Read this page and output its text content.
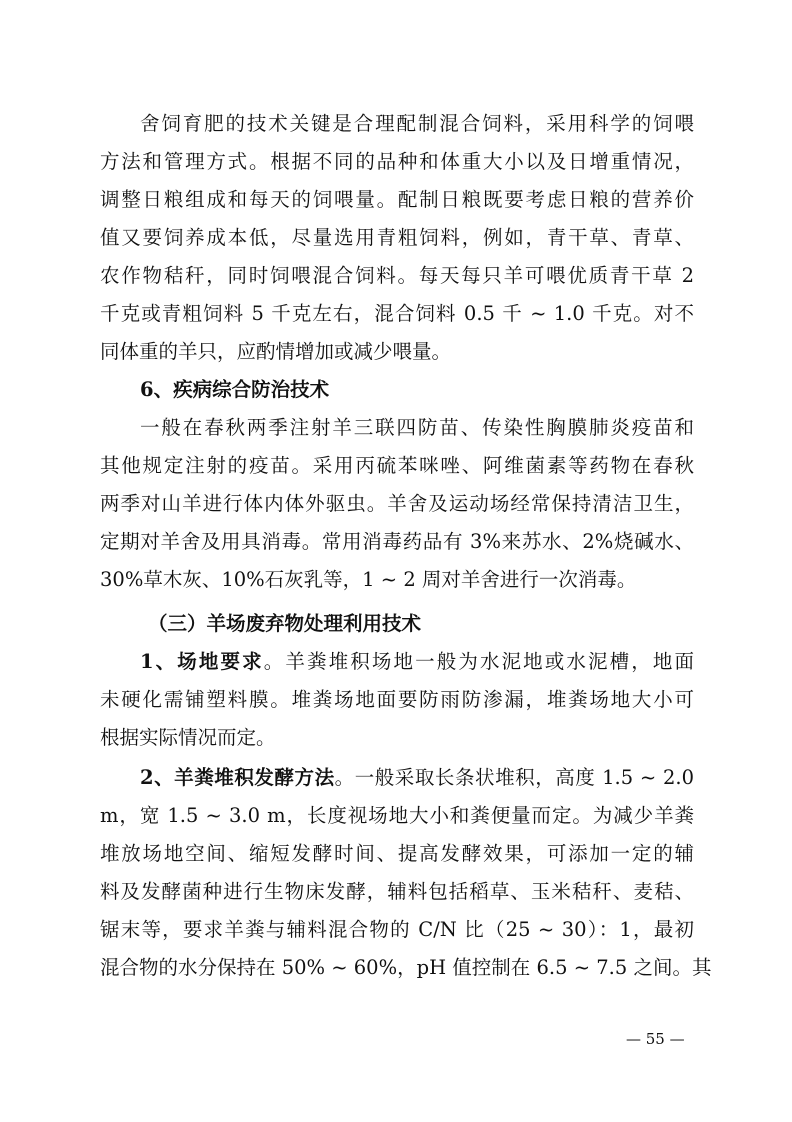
舍饲育肥的技术关键是合理配制混合饲料，采用科学的饲喂
方法和管理方式。根据不同的品种和体重大小以及日增重情况，
调整日粮组成和每天的饲喂量。配制日粮既要考虑日粮的营养价
值又要饲养成本低，尽量选用青粗饲料，例如，青干草、青草、
农作物秸秆，同时饲喂混合饲料。每天每只羊可喂优质青干草 2
千克或青粗饲料 5 千克左右，混合饲料 0.5 千 ~ 1.0 千克。对不
同体重的羊只，应酌情增加或减少喂量。
6、疾病综合防治技术
一般在春秋两季注射羊三联四防苗、传染性胸膜肺炎疫苗和
其他规定注射的疫苗。采用丙硫苯咪唑、阿维菌素等药物在春秋
两季对山羊进行体内体外驱虫。羊舍及运动场经常保持清洁卫生，
定期对羊舍及用具消毒。常用消毒药品有 3%来苏水、2%烧碱水、
30%草木灰、10%石灰乳等，1 ~ 2 周对羊舍进行一次消毒。
（三）羊场废弃物处理利用技术
1、场地要求。羊粪堆积场地一般为水泥地或水泥槽，地面
未硬化需铺塑料膜。堆粪场地面要防雨防渗漏，堆粪场地大小可
根据实际情况而定。
2、羊粪堆积发酵方法。一般采取长条状堆积，高度 1.5 ~ 2.0
m，宽 1.5 ~ 3.0 m，长度视场地大小和粪便量而定。为减少羊粪
堆放场地空间、缩短发酵时间、提高发酵效果，可添加一定的辅
料及发酵菌种进行生物床发酵，辅料包括稻草、玉米秸秆、麦秸、
锯末等，要求羊粪与辅料混合物的 C/N 比（25 ~ 30）：1，最初
混合物的水分保持在 50% ~ 60%，pH 值控制在 6.5 ~ 7.5 之间。其
— 55 —
